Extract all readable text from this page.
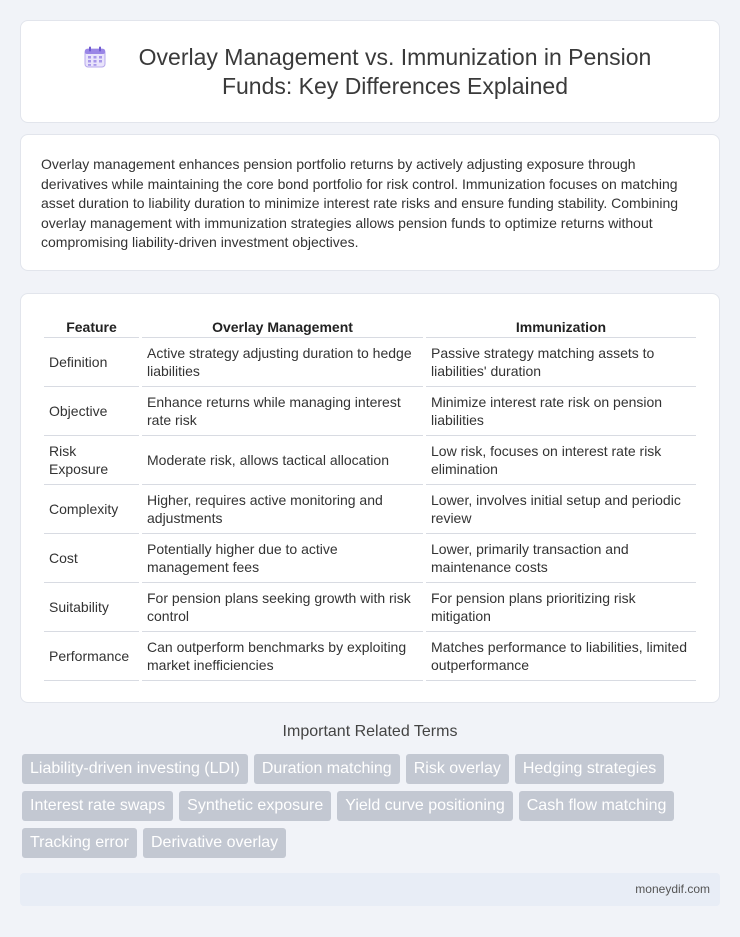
Overlay Management vs. Immunization in Pension Funds: Key Differences Explained

Overlay management enhances pension portfolio returns by actively adjusting exposure through derivatives while maintaining the core bond portfolio for risk control. Immunization focuses on matching asset duration to liability duration to minimize interest rate risks and ensure funding stability. Combining overlay management with immunization strategies allows pension funds to optimize returns without compromising liability-driven investment objectives.

Feature	Overlay Management	Immunization
Definition	Active strategy adjusting duration to hedge liabilities	Passive strategy matching assets to liabilities' duration
Objective	Enhance returns while managing interest rate risk	Minimize interest rate risk on pension liabilities
Risk Exposure	Moderate risk, allows tactical allocation	Low risk, focuses on interest rate risk elimination
Complexity	Higher, requires active monitoring and adjustments	Lower, involves initial setup and periodic review
Cost	Potentially higher due to active management fees	Lower, primarily transaction and maintenance costs
Suitability	For pension plans seeking growth with risk control	For pension plans prioritizing risk mitigation
Performance	Can outperform benchmarks by exploiting market inefficiencies	Matches performance to liabilities, limited outperformance
Important Related Terms
Liability-driven investing (LDI)	Duration matching	Risk overlay	Hedging strategies
Interest rate swaps	Synthetic exposure	Yield curve positioning	Cash flow matching
Tracking error	Derivative overlay
moneydif.com
